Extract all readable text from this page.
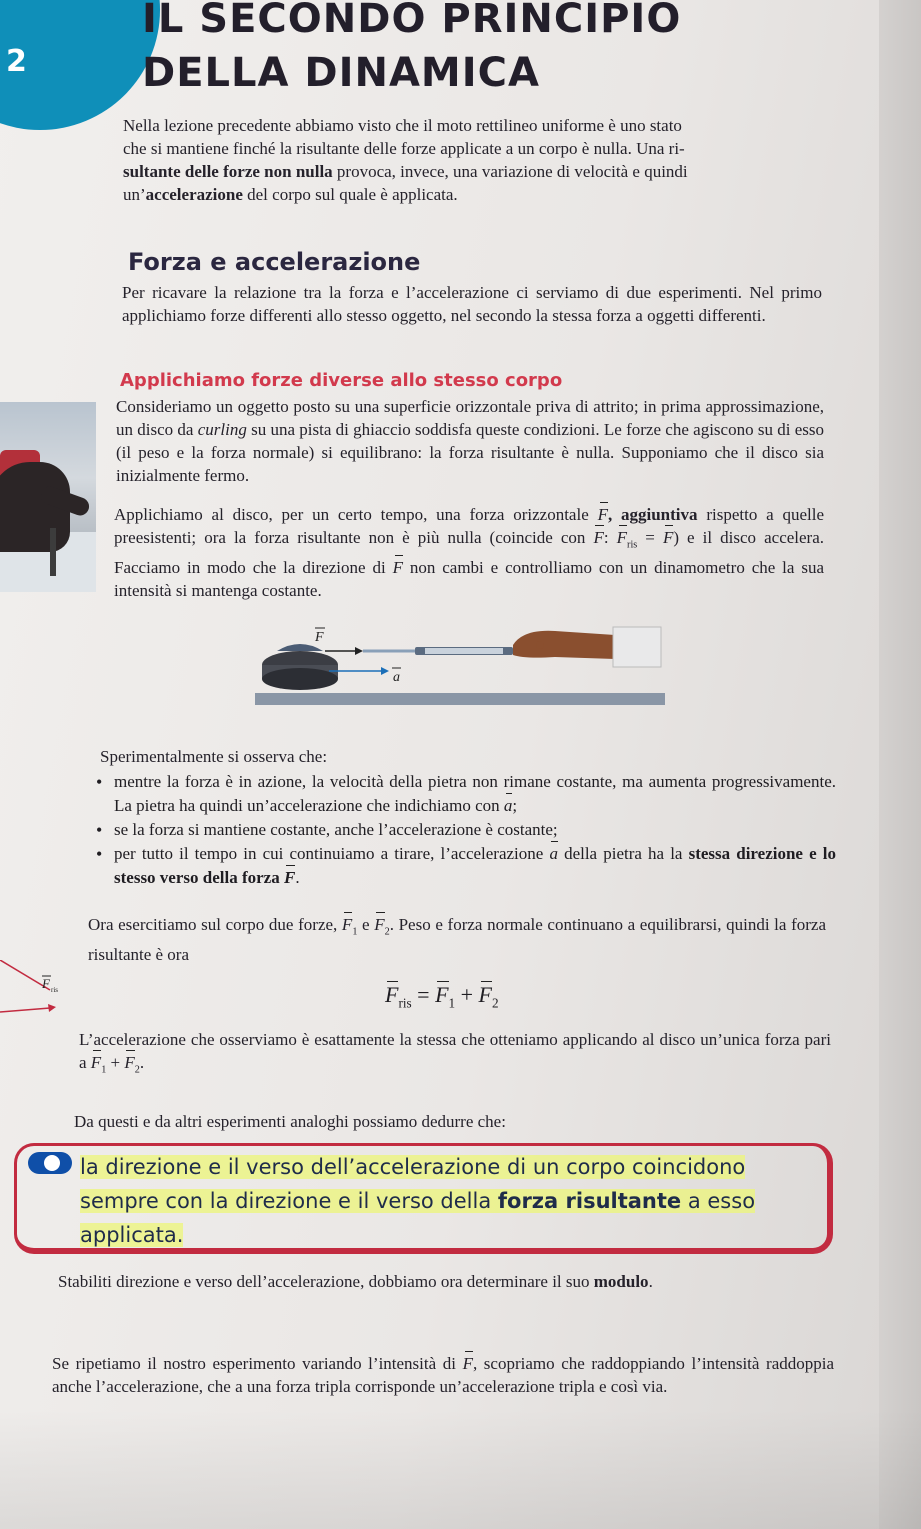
2
IL SECONDO PRINCIPIO
DELLA DINAMICA
Nella lezione precedente abbiamo visto che il moto rettilineo uniforme è uno stato
che si mantiene finché la risultante delle forze applicate a un corpo è nulla. Una ri-
sultante delle forze non nulla provoca, invece, una variazione di velocità e quindi
un’accelerazione del corpo sul quale è applicata.
Forza e accelerazione

Per ricavare la relazione tra la forza e l’accelerazione ci serviamo di due esperimenti. Nel primo applichiamo forze differenti allo stesso oggetto, nel secondo la stessa forza a oggetti differenti.

Applichiamo forze diverse allo stesso corpo

Consideriamo un oggetto posto su una superficie orizzontale priva di attrito; in prima approssimazione, un disco da curling su una pista di ghiaccio soddisfa queste condizioni. Le forze che agiscono su di esso (il peso e la forza normale) si equilibrano: la forza risultante è nulla. Supponiamo che il disco sia inizialmente fermo.

Applichiamo al disco, per un certo tempo, una forza orizzontale F, aggiuntiva rispetto a quelle preesistenti; ora la forza risultante non è più nulla (coincide con F: $F_{ris} = F$) e il disco accelera. Facciamo in modo che la direzione di F non cambi e controlliamo con un dinamometro che la sua intensità si mantenga costante.

F
a

Sperimentalmente si osserva che:

• mentre la forza è in azione, la velocità della pietra non rimane costante, ma aumenta progressivamente. La pietra ha quindi un’accelerazione che indichiamo con a;
• se la forza si mantiene costante, anche l’accelerazione è costante;
• per tutto il tempo in cui continuiamo a tirare, l’accelerazione a della pietra ha la stessa direzione e lo stesso verso della forza F.

Ora esercitiamo sul corpo due forze, $F_1$ e $F_2$. Peso e forza normale continuano a equilibrarsi, quindi la forza risultante è ora

F ris	$F_{ris} = F_1 + F_2$

L’accelerazione che osserviamo è esattamente la stessa che otteniamo applicando al disco un’unica forza pari a $F_1 + F_2$.

Da questi e da altri esperimenti analoghi possiamo dedurre che:

la direzione e il verso dell’accelerazione di un corpo coincidono sempre con la direzione e il verso della forza risultante a esso applicata.

Stabiliti direzione e verso dell’accelerazione, dobbiamo ora determinare il suo modulo.

Se ripetiamo il nostro esperimento variando l’intensità di F, scopriamo che raddoppiando l’intensità raddoppia anche l’accelerazione, che a una forza tripla corrisponde un’accelerazione tripla e così via.
